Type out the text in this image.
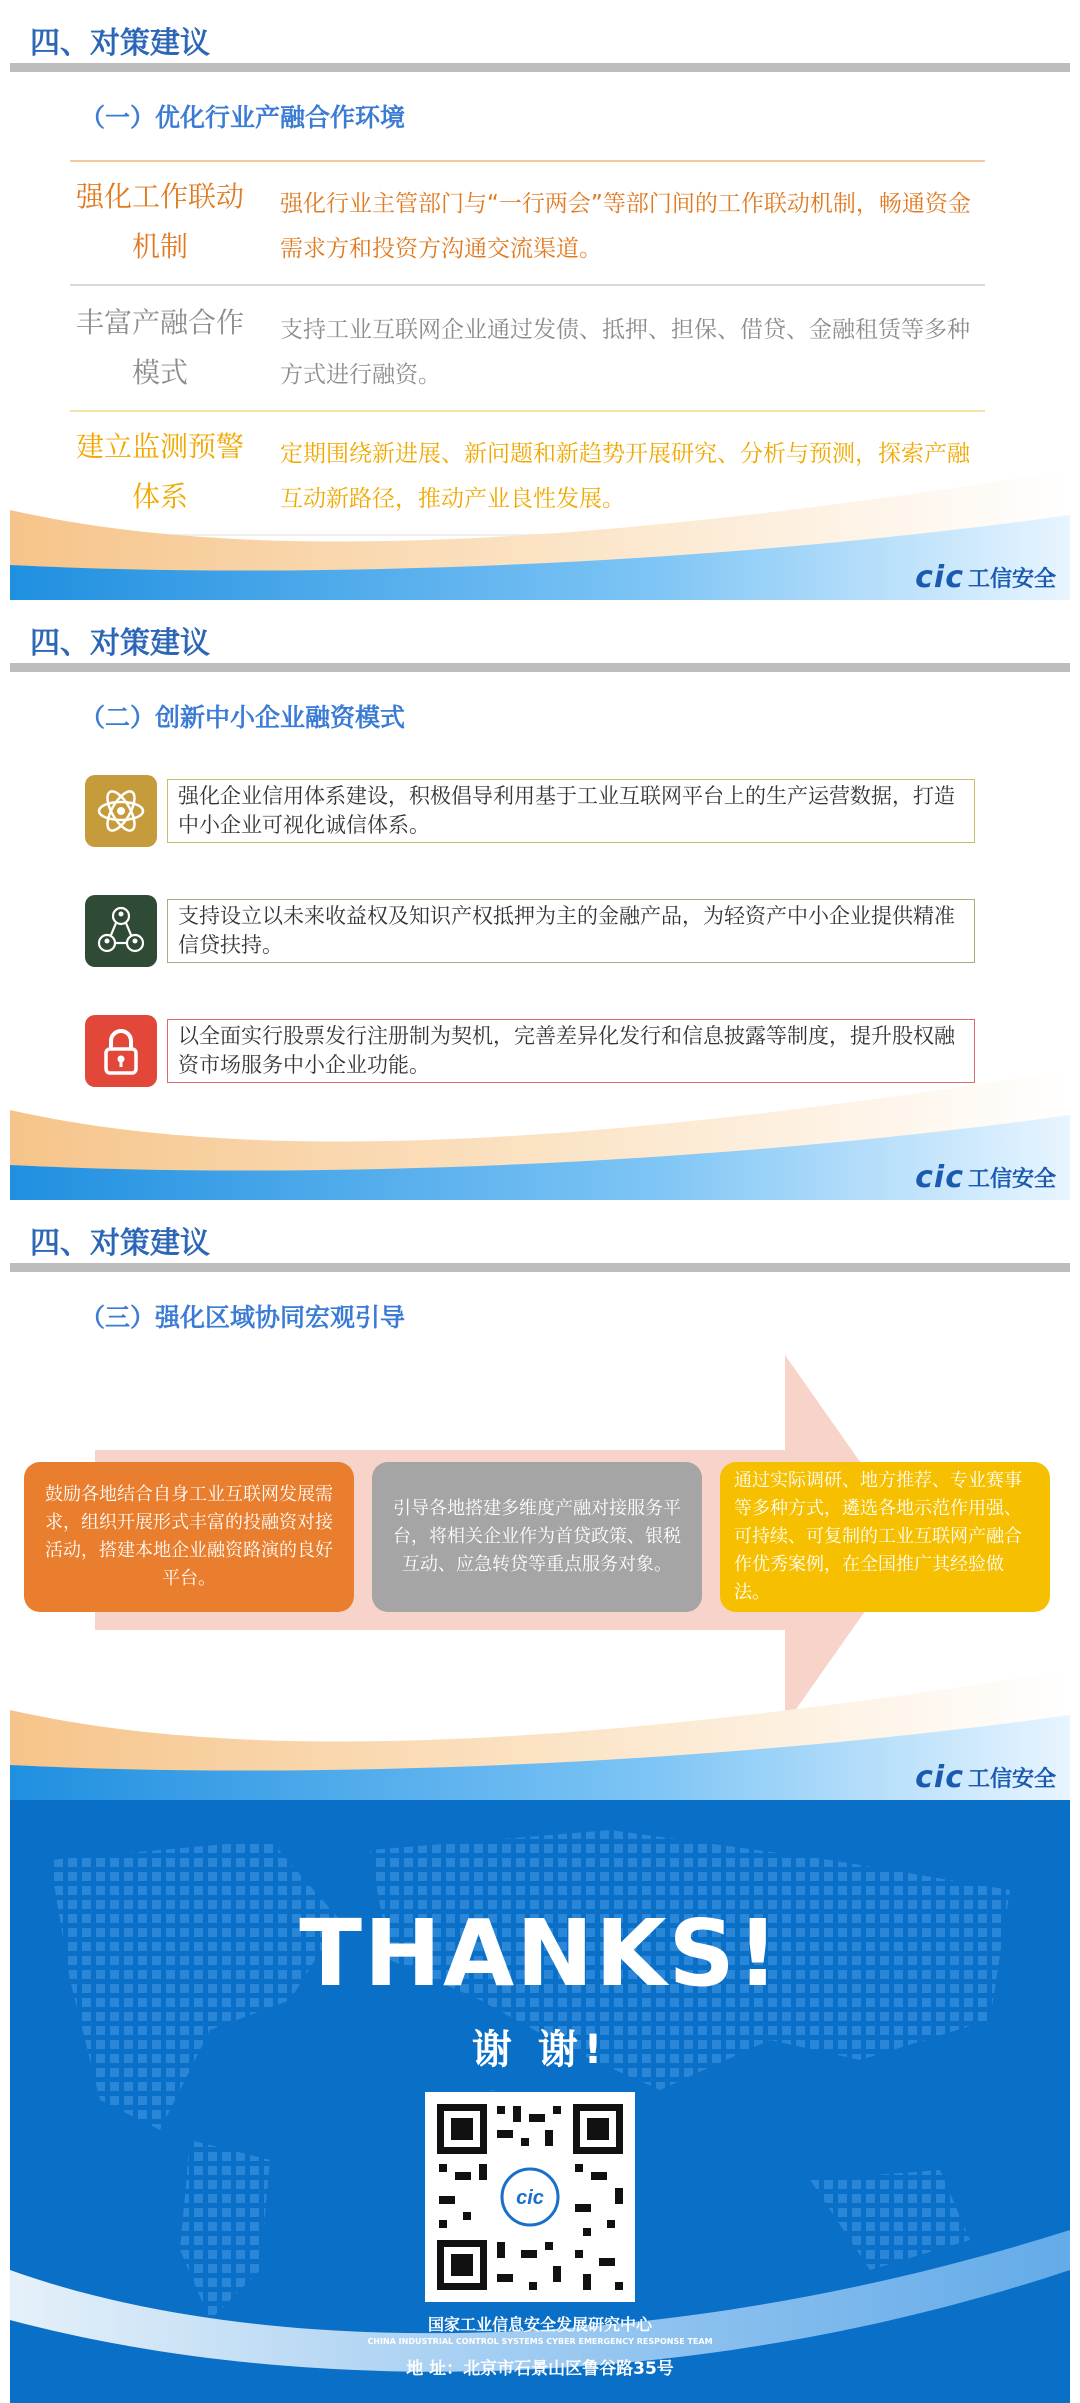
四、对策建议
（一）优化行业产融合作环境
强化工作联动机制
强化行业主管部门与“一行两会”等部门间的工作联动机制，畅通资金需求方和投资方沟通交流渠道。
丰富产融合作模式
支持工业互联网企业通过发债、抵押、担保、借贷、金融租赁等多种方式进行融资。
建立监测预警体系
定期围绕新进展、新问题和新趋势开展研究、分析与预测，探索产融互动新路径，推动产业良性发展。
cic 工信安全
四、对策建议
（二）创新中小企业融资模式
强化企业信用体系建设，积极倡导利用基于工业互联网平台上的生产运营数据，打造中小企业可视化诚信体系。
支持设立以未来收益权及知识产权抵押为主的金融产品，为轻资产中小企业提供精准信贷扶持。
以全面实行股票发行注册制为契机，完善差异化发行和信息披露等制度，提升股权融资市场服务中小企业功能。
cic 工信安全
四、对策建议
（三）强化区域协同宏观引导
鼓励各地结合自身工业互联网发展需求，组织开展形式丰富的投融资对接活动，搭建本地企业融资路演的良好平台。
引导各地搭建多维度产融对接服务平台，将相关企业作为首贷政策、银税互动、应急转贷等重点服务对象。
通过实际调研、地方推荐、专业赛事等多种方式，遴选各地示范作用强、可持续、可复制的工业互联网产融合作优秀案例，在全国推广其经验做法。
cic 工信安全
THANKS!
谢 谢!
cic
国家工业信息安全发展研究中心
CHINA INDUSTRIAL CONTROL SYSTEMS CYBER EMERGENCY RESPONSE TEAM
地 址：北京市石景山区鲁谷路35号
